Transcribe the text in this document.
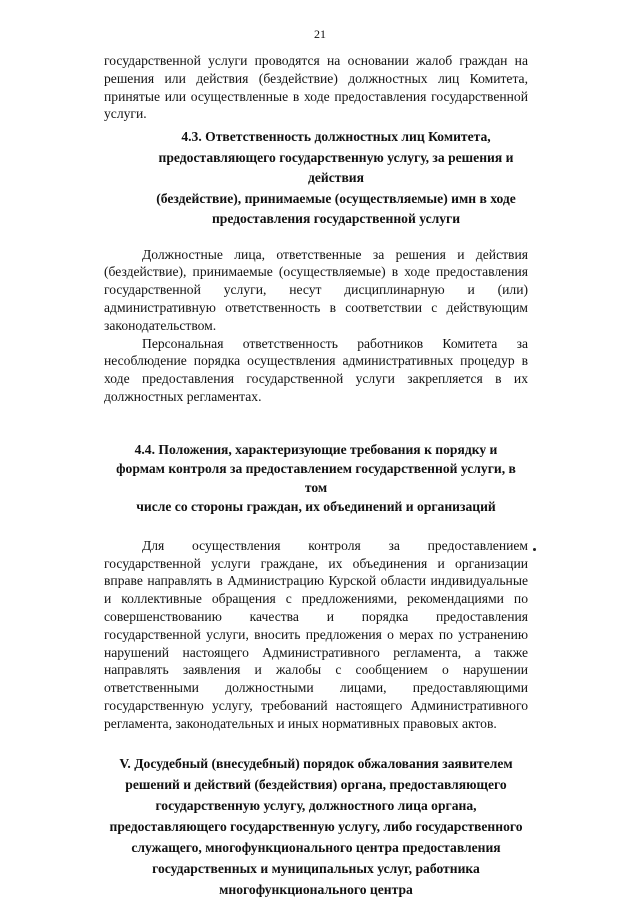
21

государственной услуги проводятся на основании жалоб граждан на решения или действия (бездействие) должностных лиц Комитета, принятые или осуществленные в ходе предоставления государственной услуги.

4.3. Ответственность должностных лиц Комитета,
предоставляющего государственную услугу, за решения и действия
(бездействие), принимаемые (осуществляемые) имн в ходе
предоставления государственной услуги

Должностные лица, ответственные за решения и действия (бездействие), принимаемые (осуществляемые) в ходе предоставления государственной услуги, несут дисциплинарную и (или) административную ответственность в соответствии с действующим законодательством.

Персональная ответственность работников Комитета за несоблюдение порядка осуществления административных процедур в ходе предоставления государственной услуги закрепляется в их должностных регламентах.

4.4. Положения, характеризующие требования к порядку и
формам контроля за предоставлением государственной услуги, в том
числе со стороны граждан, их объединений и организаций

Для осуществления контроля за предоставлением государственной услуги граждане, их объединения и организации вправе направлять в Администрацию Курской области индивидуальные и коллективные обращения с предложениями, рекомендациями по совершенствованию качества и порядка предоставления государственной услуги, вносить предложения о мерах по устранению нарушений настоящего Административного регламента, а также направлять заявления и жалобы с сообщением о нарушении ответственными должностными лицами, предоставляющими государственную услугу, требований настоящего Административного регламента, законодательных и иных нормативных правовых актов.

V. Досудебный (внесудебный) порядок обжалования заявителем
решений и действий (бездействия) органа, предоставляющего
государственную услугу, должностного лица органа,
предоставляющего государственную услугу, либо государственного
служащего, многофункционального центра предоставления
государственных и муниципальных услуг, работника
многофункционального центра
